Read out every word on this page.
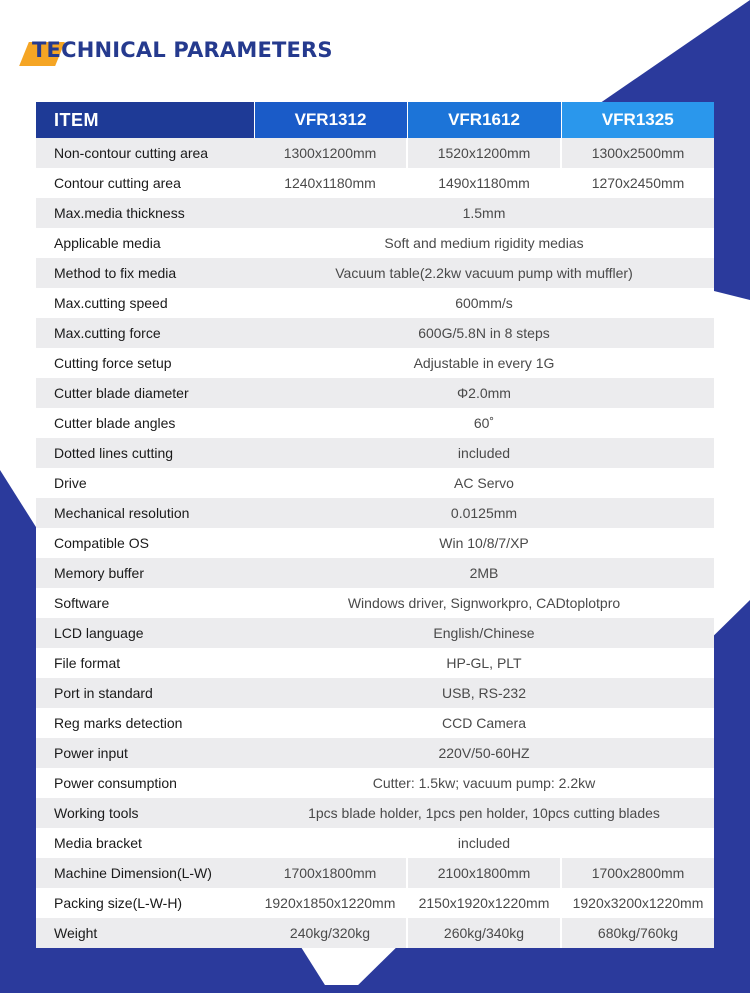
TECHNICAL PARAMETERS
ITEM	VFR1312	VFR1612	VFR1325
Non-contour cutting area	1300x1200mm	1520x1200mm	1300x2500mm
Contour cutting area	1240x1180mm	1490x1180mm	1270x2450mm
Max.media thickness	1.5mm		
Applicable media	Soft and medium rigidity medias		
Method to fix media	Vacuum table(2.2kw vacuum pump with muffler)		
Max.cutting speed	600mm/s		
Max.cutting force	600G/5.8N in 8 steps		
Cutting force setup	Adjustable in every 1G		
Cutter blade diameter	Φ2.0mm		
Cutter blade angles	60˚		
Dotted lines cutting	included		
Drive	AC Servo		
Mechanical resolution	0.0125mm		
Compatible OS	Win 10/8/7/XP		
Memory buffer	2MB		
Software	Windows driver, Signworkpro, CADtoplotpro		
LCD language	English/Chinese		
File format	HP-GL, PLT		
Port in standard	USB, RS-232		
Reg marks detection	CCD Camera		
Power input	220V/50-60HZ		
Power consumption	Cutter: 1.5kw; vacuum pump: 2.2kw		
Working tools	1pcs blade holder, 1pcs pen holder, 10pcs cutting blades		
Media bracket	included		
Machine Dimension(L-W)	1700x1800mm	2100x1800mm	1700x2800mm
Packing size(L-W-H)	1920x1850x1220mm	2150x1920x1220mm	1920x3200x1220mm
Weight	240kg/320kg	260kg/340kg	680kg/760kg
